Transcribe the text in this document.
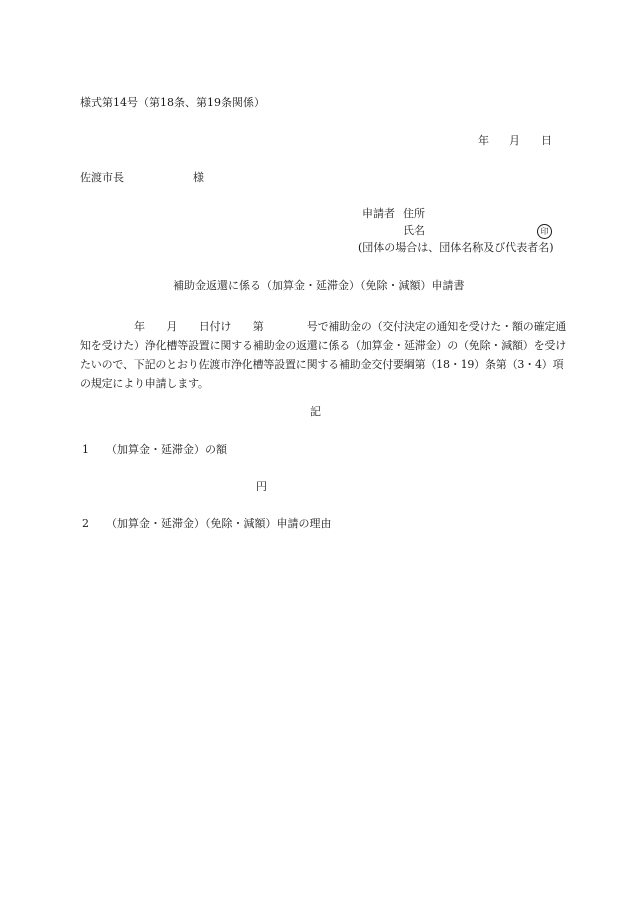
様式第14号（第18条、第19条関係）
年 月 日
佐渡市長	様
申請者 住所
氏名	印
(団体の場合は、団体名称及び代表者名)
補助金返還に係る（加算金・延滞金）（免除・減額）申請書
　　　　　年　　月　　日付け　　第　　　　号で補助金の（交付決定の通知を受けた・額の確定通
知を受けた）浄化槽等設置に関する補助金の返還に係る（加算金・延滞金）の（免除・減額）を受け
たいので、下記のとおり佐渡市浄化槽等設置に関する補助金交付要綱第（18・19）条第（3・4）項
の規定により申請します。
記
1 （加算金・延滞金）の額
円
2 （加算金・延滞金）（免除・減額）申請の理由
